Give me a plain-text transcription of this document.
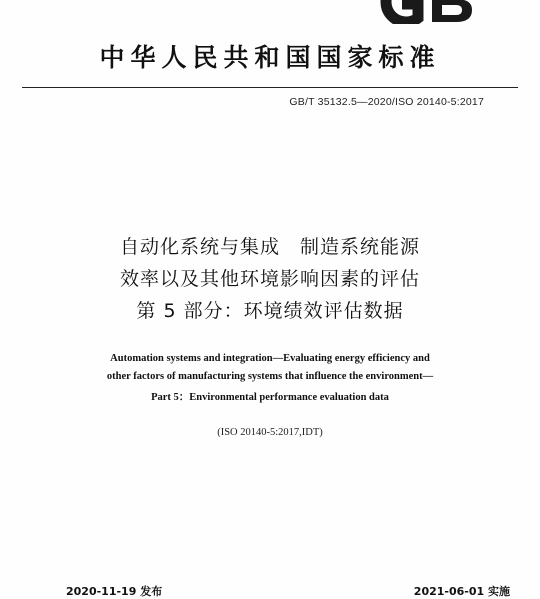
中华人民共和国国家标准
GB/T 35132.5—2020/ISO 20140-5:2017
自动化系统与集成　制造系统能源
效率以及其他环境影响因素的评估
第 5 部分：环境绩效评估数据
Automation systems and integration—Evaluating energy efficiency and
other factors of manufacturing systems that influence the environment—
Part 5：Environmental performance evaluation data
(ISO 20140-5:2017,IDT)
2020-11-19 发布	2021-06-01 实施
